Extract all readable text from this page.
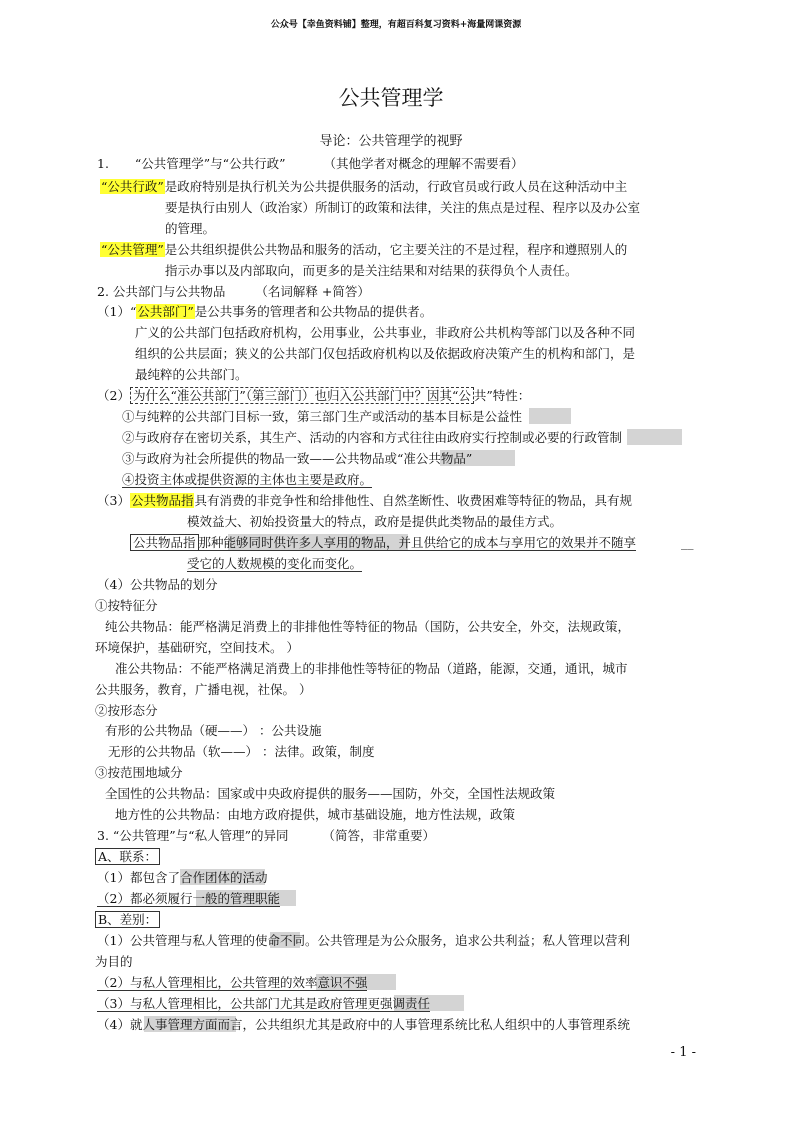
公众号【幸鱼资料铺】整理，有超百科复习资料+海量网课资源
公共管理学
导论：公共管理学的视野
1. “公共管理学”与“公共行政”	（其他学者对概念的理解不需要看）
“公共行政”是政府特别是执行机关为公共提供服务的活动，行政官员或行政人员在这种活动中主
要是执行由别人（政治家）所制订的政策和法律，关注的焦点是过程、程序以及办公室
的管理。
“公共管理”是公共组织提供公共物品和服务的活动，它主要关注的不是过程，程序和遵照别人的
指示办事以及内部取向，而更多的是关注结果和对结果的获得负个人责任。
2. 公共部门与公共物品 （名词解释 +简答）
（1）“公共部门”是公共事务的管理者和公共物品的提供者。
广义的公共部门包括政府机构，公用事业，公共事业，非政府公共机构等部门以及各种不同
组织的公共层面；狭义的公共部门仅包括政府机构以及依据政府决策产生的机构和部门，是
最纯粹的公共部门。
（2） 为什么“准公共部门”（第三部门）也归入公共部门中？因其“公 共”特性：
①与纯粹的公共部门目标一致，第三部门生产或活动的基本目标是公益性
②与政府存在密切关系，其生产、活动的内容和方式往往由政府实行控制或必要的行政管制
③与政府为社会所提供的物品一致——公共物品或“准公共物品”
④投资主体或提供资源的主体也主要是政府。
（3）公共物品指具有消费的非竞争性和给排他性、自然垄断性、收费困难等特征的物品，具有规
模效益大、初始投资量大的特点，政府是提供此类物品的最佳方式。
公共物品指 那种能够同时供许多人享用的物品，并且供给它的成本与享用它的效果并不随享	__
受它的人数规模的变化而变化。
（4）公共物品的划分
①按特征分
纯公共物品：能严格满足消费上的非排他性等特征的物品（国防，公共安全，外交，法规政策，
环境保护，基础研究，空间技术。 ）
准公共物品：不能严格满足消费上的非排他性等特征的物品（道路，能源，交通，通讯，城市
公共服务，教育，广播电视，社保。 ）
②按形态分
有形的公共物品（硬——） ：公共设施
无形的公共物品（软——） ：法律。政策，制度
③按范围地域分
全国性的公共物品：国家或中央政府提供的服务——国防，外交，全国性法规政策
地方性的公共物品：由地方政府提供，城市基础设施，地方性法规，政策
3. “公共管理”与“私人管理”的异同	（简答，非常重要）
A、联系：
（1）都包含了合作团体的活动
（2）都必须履行一般的管理职能
B、差别：
（1）公共管理与私人管理的使命不同。公共管理是为公众服务，追求公共利益；私人管理以营利
为目的
（2）与私人管理相比，公共管理的效率意识不强
（3）与私人管理相比，公共部门尤其是政府管理更强调责任
（4）就人事管理方面而言，公共组织尤其是政府中的人事管理系统比私人组织中的人事管理系统
- 1 -
